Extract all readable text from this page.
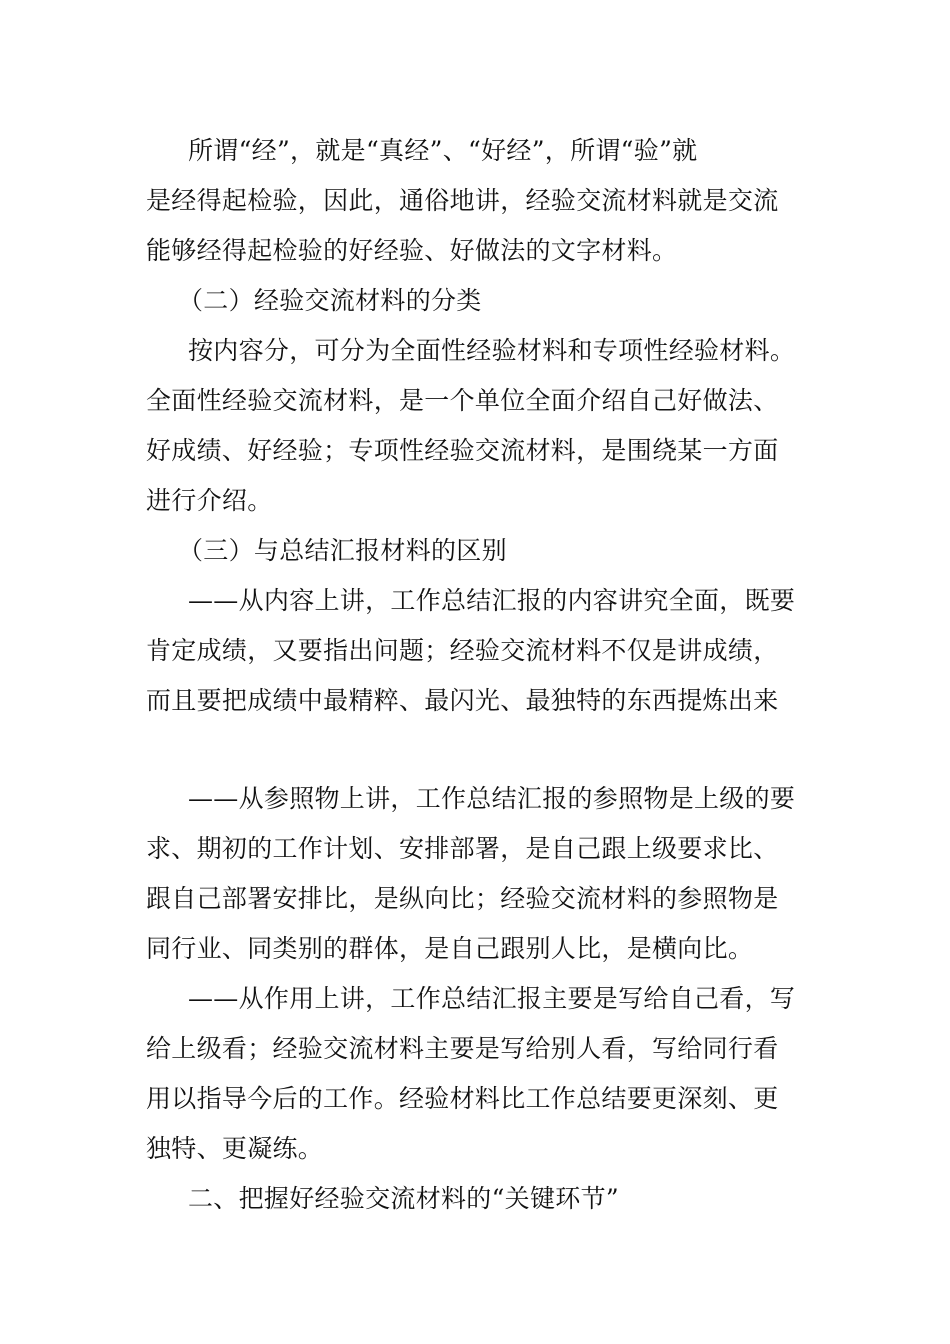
所谓“经”，就是“真经”、“好经”，所谓“验”就
是经得起检验，因此，通俗地讲，经验交流材料就是交流
能够经得起检验的好经验、好做法的文字材料。
（二）经验交流材料的分类
按内容分，可分为全面性经验材料和专项性经验材料。
全面性经验交流材料，是一个单位全面介绍自己好做法、
好成绩、好经验；专项性经验交流材料，是围绕某一方面
进行介绍。
（三）与总结汇报材料的区别
——从内容上讲，工作总结汇报的内容讲究全面，既要
肯定成绩，又要指出问题；经验交流材料不仅是讲成绩，
而且要把成绩中最精粹、最闪光、最独特的东西提炼出来
——从参照物上讲，工作总结汇报的参照物是上级的要
求、期初的工作计划、安排部署，是自己跟上级要求比、
跟自己部署安排比，是纵向比；经验交流材料的参照物是
同行业、同类别的群体，是自己跟别人比，是横向比。
——从作用上讲，工作总结汇报主要是写给自己看，写
给上级看；经验交流材料主要是写给别人看，写给同行看
用以指导今后的工作。经验材料比工作总结要更深刻、更
独特、更凝练。
二、把握好经验交流材料的“关键环节”
